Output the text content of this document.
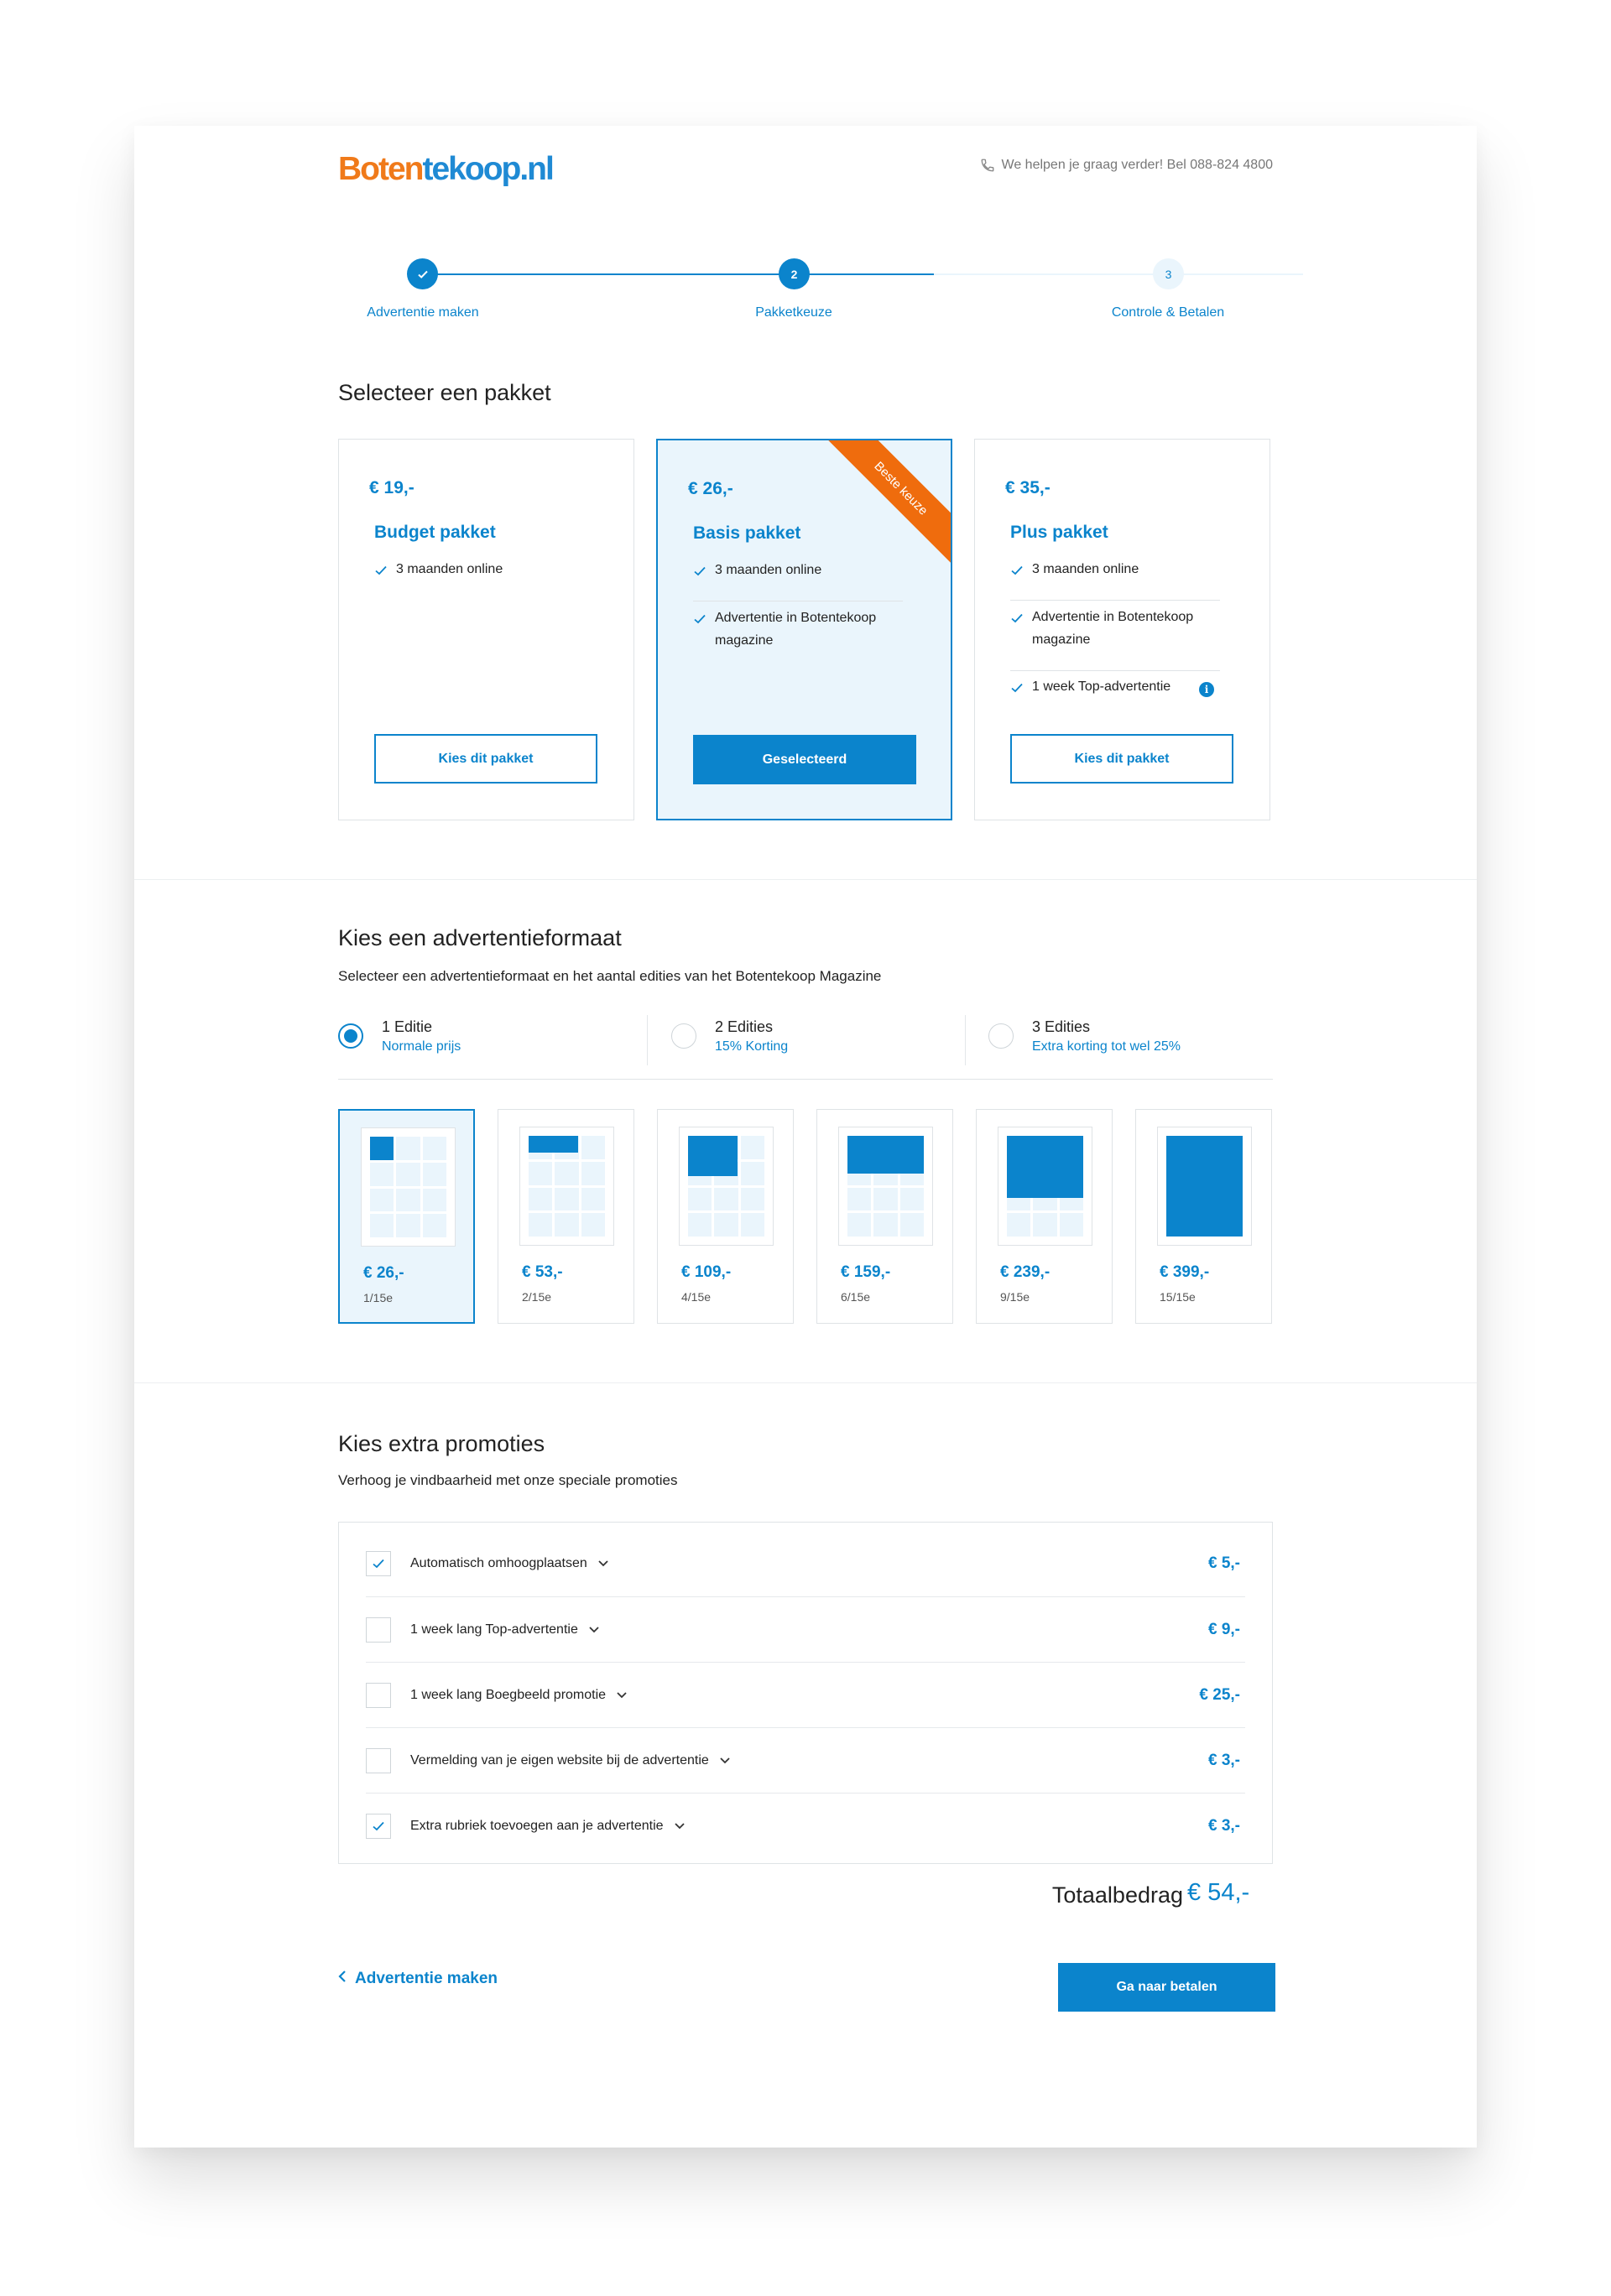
Botentekoop.nl	We helpen je graag verder! Bel 088-824 4800
2	3
Advertentie maken	Pakketkeuze	Controle & Betalen
Selecteer een pakket
€ 19,-
Budget pakket
3 maanden online
Kies dit pakket
€ 26,-
Basis pakket
3 maanden online
Advertentie in Botentekoop magazine
Geselecteerd
Beste keuze	€ 35,-
Plus pakket
3 maanden online
Advertentie in Botentekoop magazine
1 week Top-advertentie	i
Kies dit pakket
Kies een advertentieformaat
Selecteer een advertentieformaat en het aantal edities van het Botentekoop Magazine
1 Editie
Normale prijs
2 Edities
15% Korting
3 Edities
Extra korting tot wel 25%
€ 26,-
1/15e
€ 53,-
2/15e
€ 109,-
4/15e
€ 159,-
6/15e
€ 239,-
9/15e
€ 399,-
15/15e
Kies extra promoties
Verhoog je vindbaarheid met onze speciale promoties
Automatisch omhoogplaatsen	€ 5,-
1 week lang Top-advertentie	€ 9,-
1 week lang Boegbeeld promotie	€ 25,-
Vermelding van je eigen website bij de advertentie	€ 3,-
Extra rubriek toevoegen aan je advertentie	€ 3,-
Totaalbedrag € 54,-
Advertentie maken	Ga naar betalen
